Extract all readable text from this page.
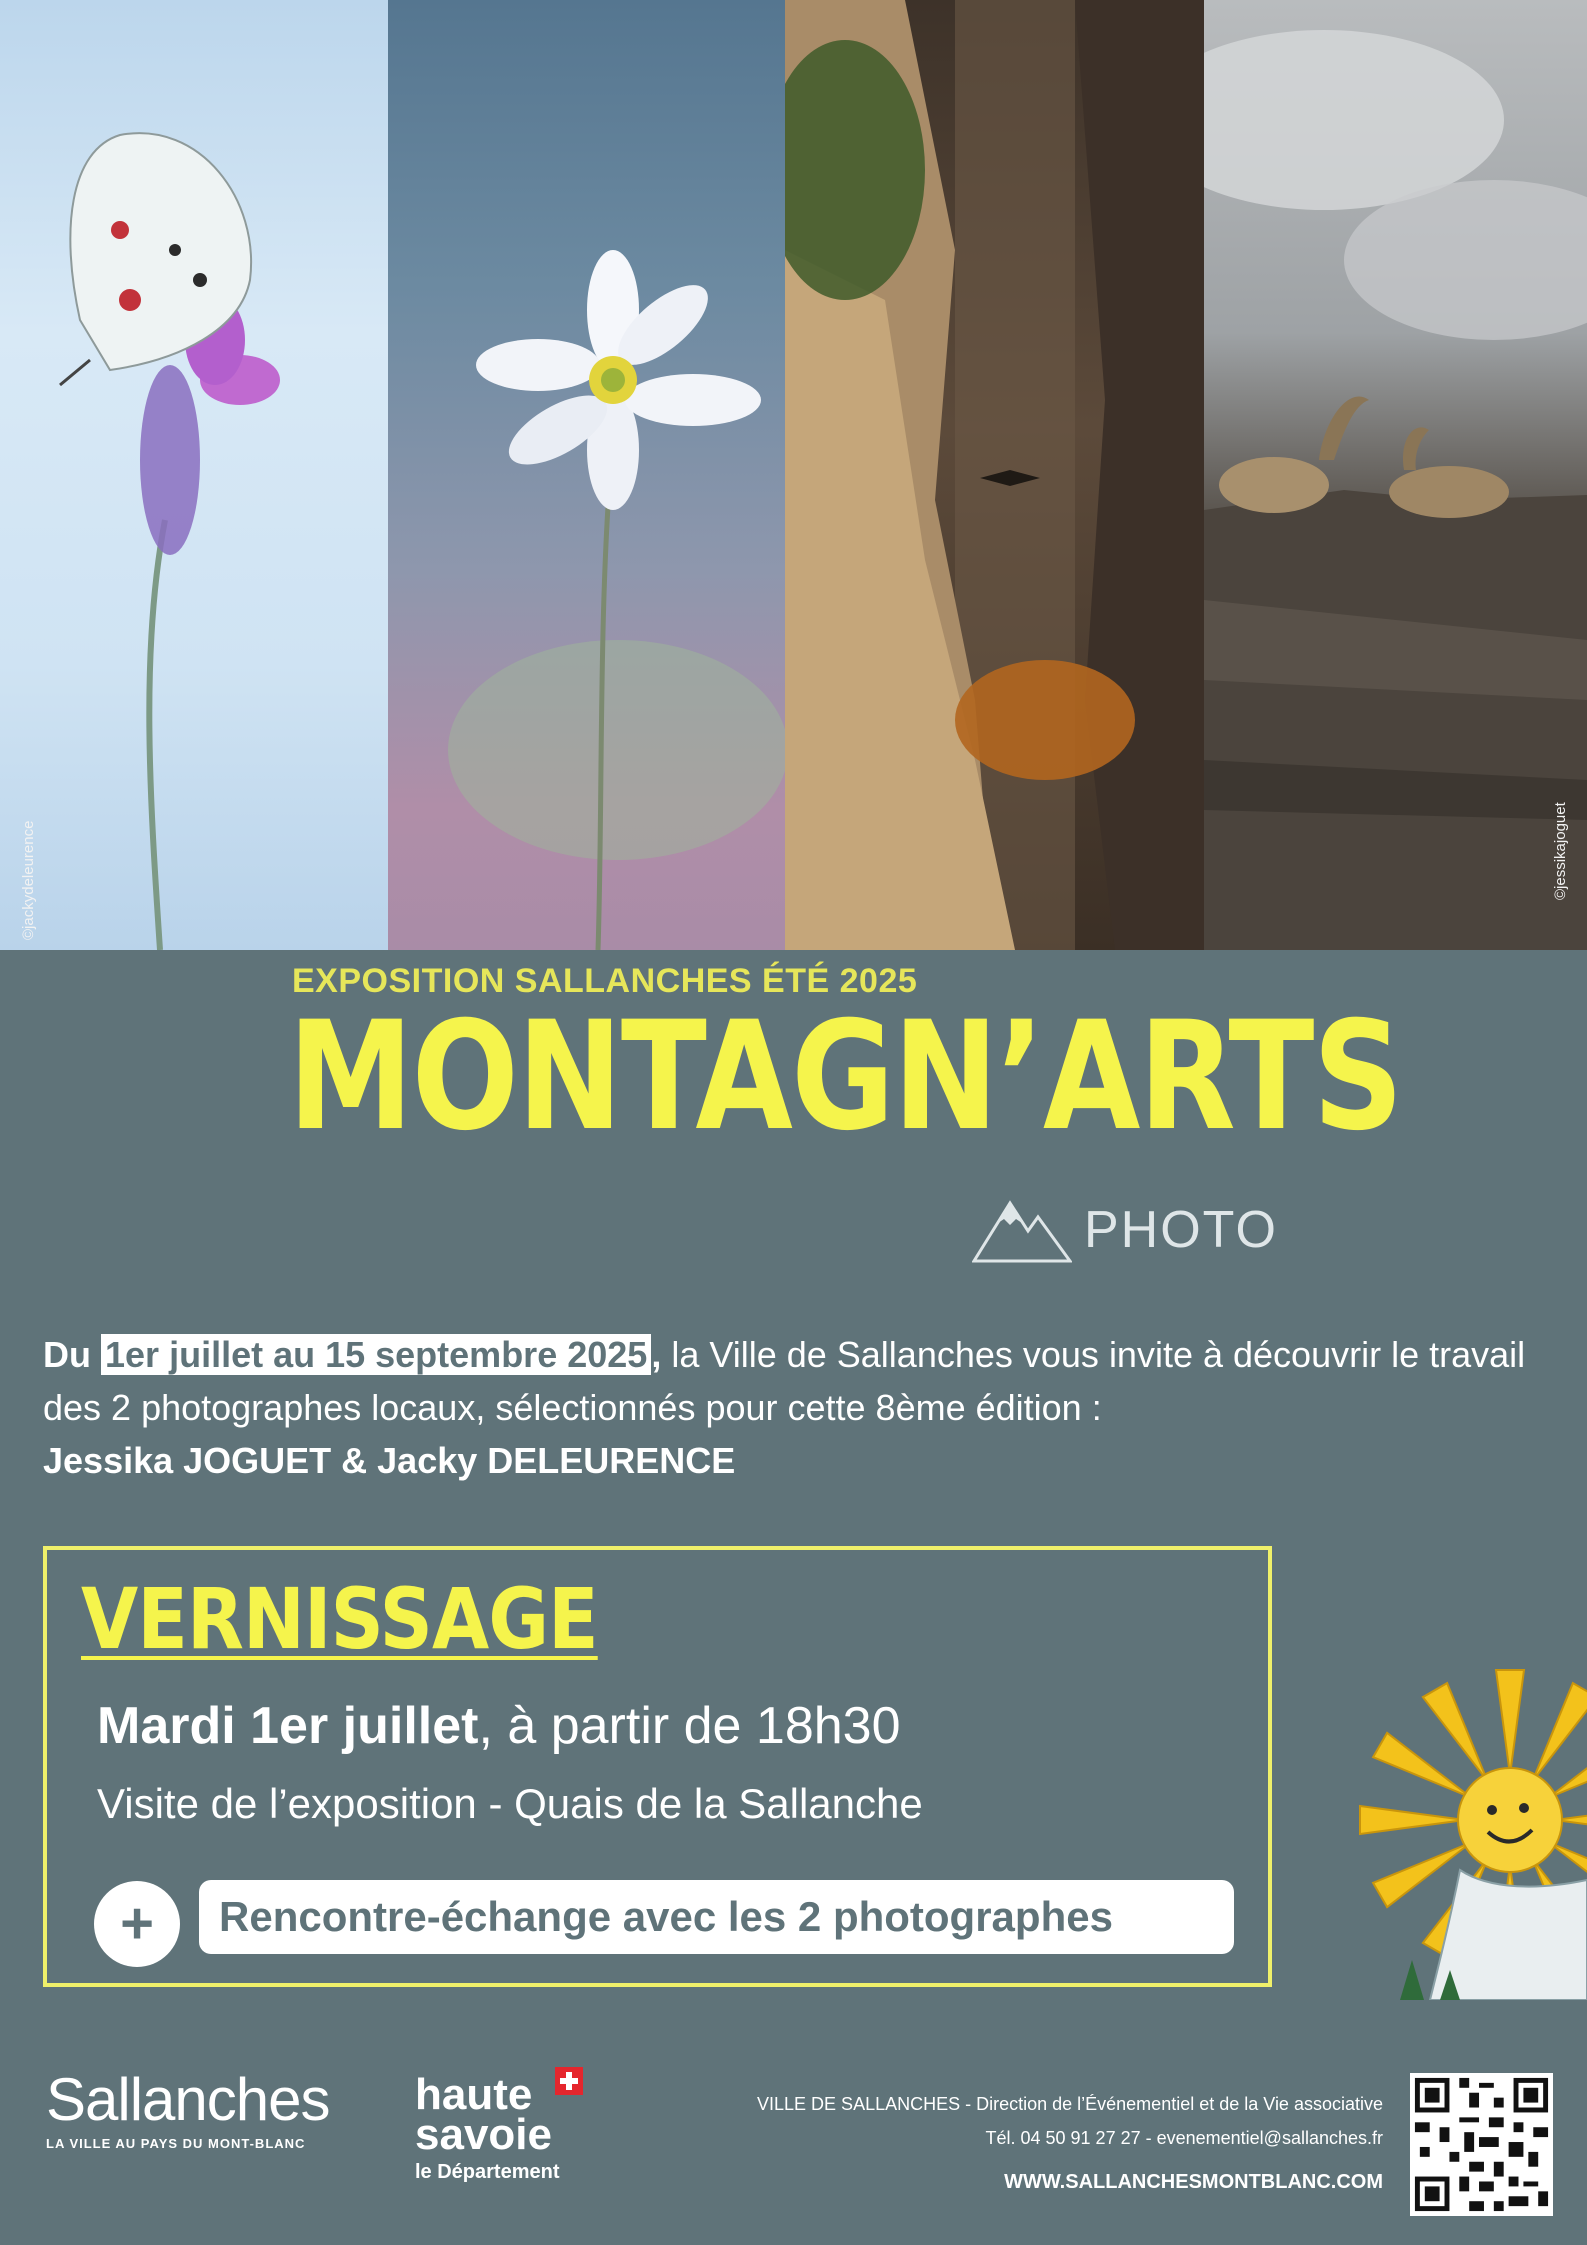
©jackydeleurence	©jessikajoguet
EXPOSITION SALLANCHES ÉTÉ 2025
MONTAGN’ARTS
PHOTO
Du 1er juillet au 15 septembre 2025 , la Ville de Sallanches vous invite à découvrir le travail des 2 photographes locaux, sélectionnés pour cette 8ème édition :
Jessika JOGUET & Jacky DELEURENCE
VERNISSAGE
Mardi 1er juillet, à partir de 18h30
Visite de l’exposition - Quais de la Sallanche
+	Rencontre-échange avec les 2 photographes
Sallanches
LA VILLE AU PAYS DU MONT-BLANC
haute
savoie
le Département
VILLE DE SALLANCHES - Direction de l’Événementiel et de la Vie associative
Tél. 04 50 91 27 27 - evenementiel@sallanches.fr
WWW.SALLANCHESMONTBLANC.COM
